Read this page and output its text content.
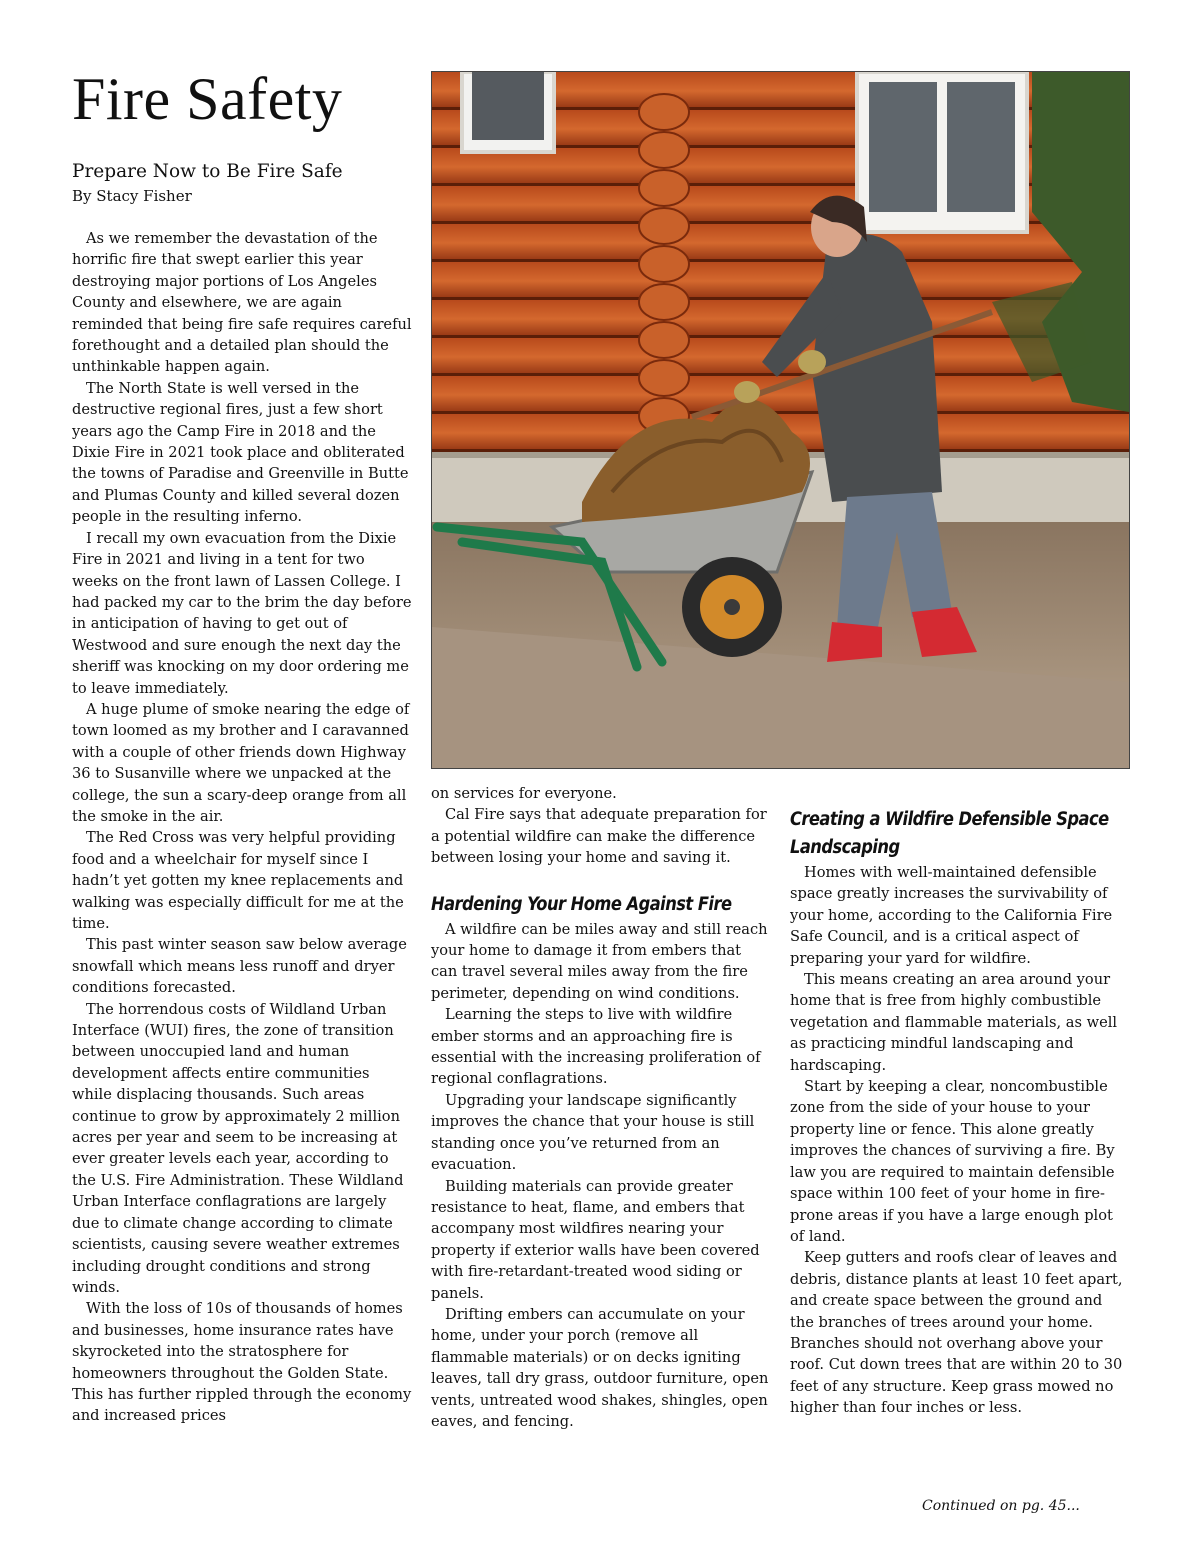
Fire Safety
Prepare Now to Be Fire Safe
By Stacy Fisher

As we remember the devastation of the horrific fire that swept earlier this year destroying major portions of Los Angeles County and elsewhere, we are again reminded that being fire safe requires careful forethought and a detailed plan should the unthinkable happen again.

The North State is well versed in the destructive regional fires, just a few short years ago the Camp Fire in 2018 and the Dixie Fire in 2021 took place and obliterated the towns of Paradise and Greenville in Butte and Plumas County and killed several dozen people in the resulting inferno.

I recall my own evacuation from the Dixie Fire in 2021 and living in a tent for two weeks on the front lawn of Lassen College. I had packed my car to the brim the day before in anticipation of having to get out of Westwood and sure enough the next day the sheriff was knocking on my door ordering me to leave immediately.

A huge plume of smoke nearing the edge of town loomed as my brother and I caravanned with a couple of other friends down Highway 36 to Susanville where we unpacked at the college, the sun a scary-deep orange from all the smoke in the air.

The Red Cross was very helpful providing food and a wheelchair for myself since I hadn’t yet gotten my knee replacements and walking was especially difficult for me at the time.

This past winter season saw below average snowfall which means less runoff and dryer conditions forecasted.

The horrendous costs of Wildland Urban Interface (WUI) fires, the zone of transition between unoccupied land and human development affects entire communities while displacing thousands. Such areas continue to grow by approximately 2 million acres per year and seem to be increasing at ever greater levels each year, according to the U.S. Fire Administration. These Wildland Urban Interface conflagrations are largely due to climate change according to climate scientists, causing severe weather extremes including drought conditions and strong winds.

With the loss of 10s of thousands of homes and businesses, home insurance rates have skyrocketed into the stratosphere for homeowners throughout the Golden State. This has further rippled through the economy and increased prices

on services for everyone.

Cal Fire says that adequate preparation for a potential wildfire can make the difference between losing your home and saving it.

Hardening Your Home Against Fire

A wildfire can be miles away and still reach your home to damage it from embers that can travel several miles away from the fire perimeter, depending on wind conditions.

Learning the steps to live with wildfire ember storms and an approaching fire is essential with the increasing proliferation of regional conflagrations.

Upgrading your landscape significantly improves the chance that your house is still standing once you’ve returned from an evacuation.

Building materials can provide greater resistance to heat, flame, and embers that accompany most wildfires nearing your property if exterior walls have been covered with fire-retardant-treated wood siding or panels.

Drifting embers can accumulate on your home, under your porch (remove all flammable materials) or on decks igniting leaves, tall dry grass, outdoor furniture, open vents, untreated wood shakes, shingles, open eaves, and fencing.

Creating a Wildfire Defensible Space Landscaping

Homes with well-maintained defensible space greatly increases the survivability of your home, according to the California Fire Safe Council, and is a critical aspect of preparing your yard for wildfire.

This means creating an area around your home that is free from highly combustible vegetation and flammable materials, as well as practicing mindful landscaping and hardscaping.

Start by keeping a clear, noncombustible zone from the side of your house to your property line or fence. This alone greatly improves the chances of surviving a fire. By law you are required to maintain defensible space within 100 feet of your home in fire-prone areas if you have a large enough plot of land.

Keep gutters and roofs clear of leaves and debris, distance plants at least 10 feet apart, and create space between the ground and the branches of trees around your home. Branches should not overhang above your roof. Cut down trees that are within 20 to 30 feet of any structure. Keep grass mowed no higher than four inches or less.

Continued on pg. 45...
